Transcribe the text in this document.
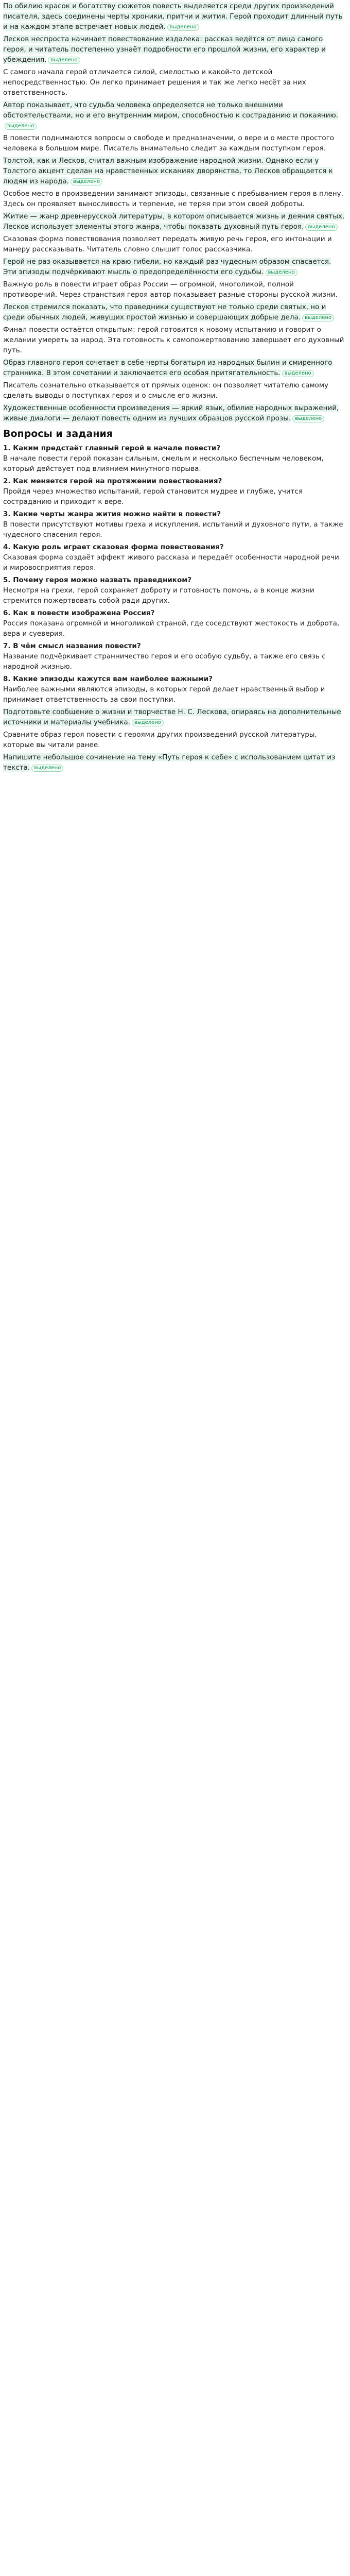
По обилию красок и богатству сюжетов повесть выделяется среди других произведений писателя, здесь соединены черты хроники, притчи и жития. Герой проходит длинный путь и на каждом этапе встречает новых людей. выделено

Лесков неспроста начинает повествование издалека: рассказ ведётся от лица самого героя, и читатель постепенно узнаёт подробности его прошлой жизни, его характер и убеждения. выделено

С самого начала герой отличается силой, смелостью и какой-то детской непосредственностью. Он легко принимает решения и так же легко несёт за них ответственность.

Автор показывает, что судьба человека определяется не только внешними обстоятельствами, но и его внутренним миром, способностью к состраданию и покаянию.выделено

В повести поднимаются вопросы о свободе и предназначении, о вере и о месте простого человека в большом мире. Писатель внимательно следит за каждым поступком героя.

Толстой, как и Лесков, считал важным изображение народной жизни. Однако если у Толстого акцент сделан на нравственных исканиях дворянства, то Лесков обращается к людям из народа. выделено

Особое место в произведении занимают эпизоды, связанные с пребыванием героя в плену. Здесь он проявляет выносливость и терпение, не теряя при этом своей доброты.

Житие — жанр древнерусской литературы, в котором описывается жизнь и деяния святых. Лесков использует элементы этого жанра, чтобы показать духовный путь героя. выделено

Сказовая форма повествования позволяет передать живую речь героя, его интонации и манеру рассказывать. Читатель словно слышит голос рассказчика.

Герой не раз оказывается на краю гибели, но каждый раз чудесным образом спасается. Эти эпизоды подчёркивают мысль о предопределённости его судьбы. выделено

Важную роль в повести играет образ России — огромной, многоликой, полной противоречий. Через странствия героя автор показывает разные стороны русской жизни.

Лесков стремился показать, что праведники существуют не только среди святых, но и среди обычных людей, живущих простой жизнью и совершающих добрые дела. выделено

Финал повести остаётся открытым: герой готовится к новому испытанию и говорит о желании умереть за народ. Эта готовность к самопожертвованию завершает его духовный путь.

Образ главного героя сочетает в себе черты богатыря из народных былин и смиренного странника. В этом сочетании и заключается его особая притягательность. выделено

Писатель сознательно отказывается от прямых оценок: он позволяет читателю самому сделать выводы о поступках героя и о смысле его жизни.

Художественные особенности произведения — яркий язык, обилие народных выражений, живые диалоги — делают повесть одним из лучших образцов русской прозы. выделено

Вопросы и задания
1. Каким предстаёт главный герой в начале повести?
В начале повести герой показан сильным, смелым и несколько беспечным человеком, который действует под влиянием минутного порыва.
2. Как меняется герой на протяжении повествования?
Пройдя через множество испытаний, герой становится мудрее и глубже, учится состраданию и приходит к вере.
3. Какие черты жанра жития можно найти в повести?
В повести присутствуют мотивы греха и искупления, испытаний и духовного пути, а также чудесного спасения героя.
4. Какую роль играет сказовая форма повествования?
Сказовая форма создаёт эффект живого рассказа и передаёт особенности народной речи и мировосприятия героя.
5. Почему героя можно назвать праведником?
Несмотря на грехи, герой сохраняет доброту и готовность помочь, а в конце жизни стремится пожертвовать собой ради других.
6. Как в повести изображена Россия?
Россия показана огромной и многоликой страной, где соседствуют жестокость и доброта, вера и суеверия.
7. В чём смысл названия повести?
Название подчёркивает странничество героя и его особую судьбу, а также его связь с народной жизнью.
8. Какие эпизоды кажутся вам наиболее важными?
Наиболее важными являются эпизоды, в которых герой делает нравственный выбор и принимает ответственность за свои поступки.

Подготовьте сообщение о жизни и творчестве Н. С. Лескова, опираясь на дополнительные источники и материалы учебника. выделено

Сравните образ героя повести с героями других произведений русской литературы, которые вы читали ранее.

Напишите небольшое сочинение на тему «Путь героя к себе» с использованием цитат из текста. выделено
